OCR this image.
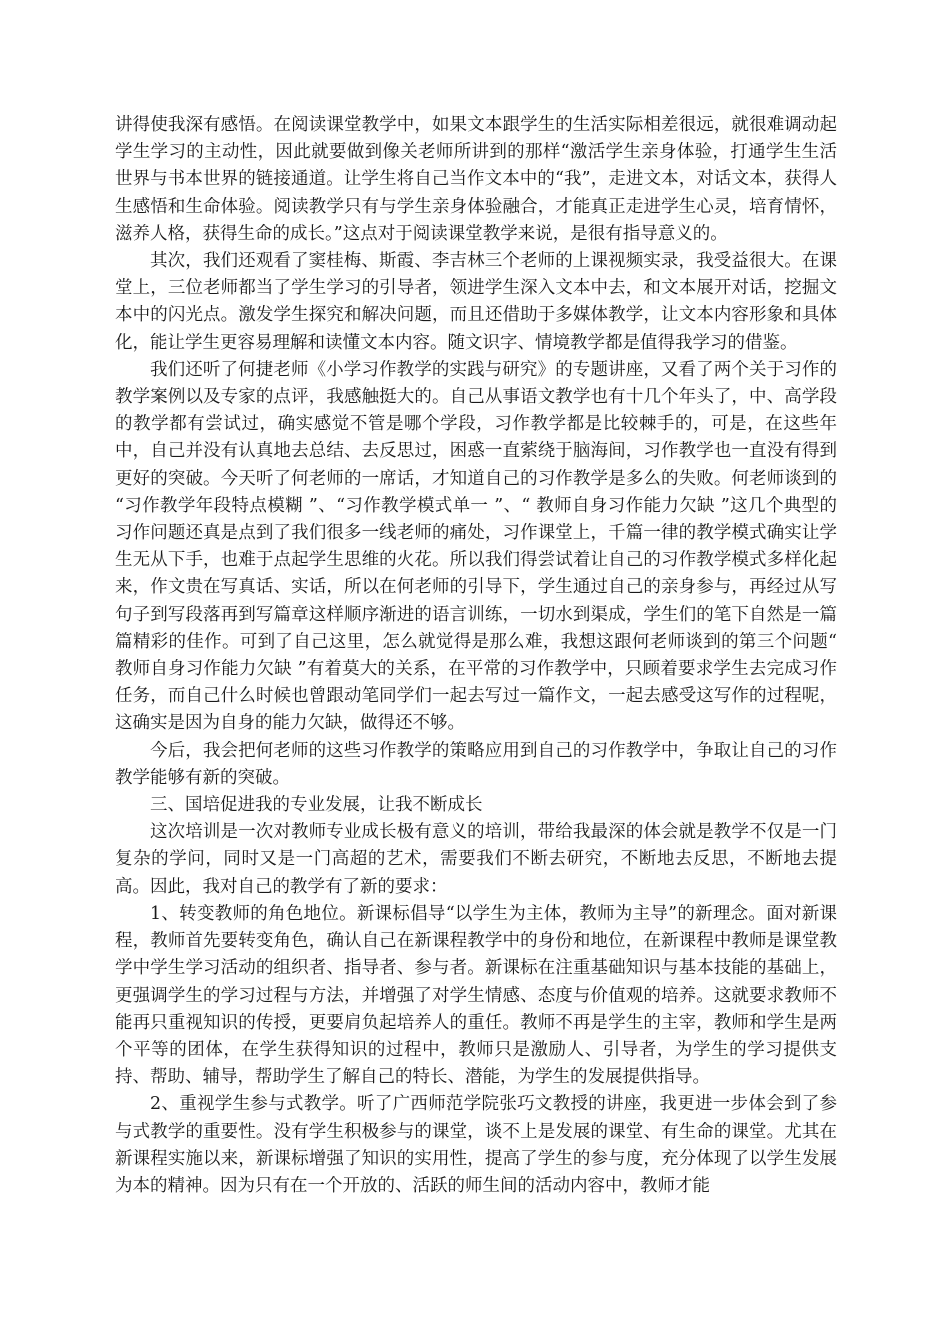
讲得使我深有感悟。在阅读课堂教学中，如果文本跟学生的生活实际相差很远，就很难调动起学生学习的主动性，因此就要做到像关老师所讲到的那样“激活学生亲身体验，打通学生生活世界与书本世界的链接通道。让学生将自己当作文本中的“我”，走进文本，对话文本，获得人生感悟和生命体验。阅读教学只有与学生亲身体验融合，才能真正走进学生心灵，培育情怀，滋养人格，获得生命的成长。”这点对于阅读课堂教学来说，是很有指导意义的。

其次，我们还观看了窦桂梅、斯霞、李吉林三个老师的上课视频实录，我受益很大。在课堂上，三位老师都当了学生学习的引导者，领进学生深入文本中去，和文本展开对话，挖掘文本中的闪光点。激发学生探究和解决问题，而且还借助于多媒体教学，让文本内容形象和具体化，能让学生更容易理解和读懂文本内容。随文识字、情境教学都是值得我学习的借鉴。

我们还听了何捷老师《小学习作教学的实践与研究》的专题讲座，又看了两个关于习作的教学案例以及专家的点评，我感触挺大的。自己从事语文教学也有十几个年头了，中、高学段的教学都有尝试过，确实感觉不管是哪个学段，习作教学都是比较棘手的，可是，在这些年中，自己并没有认真地去总结、去反思过，困惑一直萦绕于脑海间，习作教学也一直没有得到更好的突破。今天听了何老师的一席话，才知道自己的习作教学是多么的失败。何老师谈到的 “习作教学年段特点模糊 ”、“习作教学模式单一 ”、“ 教师自身习作能力欠缺 ”这几个典型的习作问题还真是点到了我们很多一线老师的痛处，习作课堂上，千篇一律的教学模式确实让学生无从下手，也难于点起学生思维的火花。所以我们得尝试着让自己的习作教学模式多样化起来，作文贵在写真话、实话，所以在何老师的引导下，学生通过自己的亲身参与，再经过从写句子到写段落再到写篇章这样顺序渐进的语言训练，一切水到渠成，学生们的笔下自然是一篇篇精彩的佳作。可到了自己这里，怎么就觉得是那么难，我想这跟何老师谈到的第三个问题“ 教师自身习作能力欠缺 ”有着莫大的关系，在平常的习作教学中，只顾着要求学生去完成习作任务，而自己什么时候也曾跟动笔同学们一起去写过一篇作文，一起去感受这写作的过程呢，这确实是因为自身的能力欠缺，做得还不够。

今后，我会把何老师的这些习作教学的策略应用到自己的习作教学中，争取让自己的习作教学能够有新的突破。

三、国培促进我的专业发展，让我不断成长

这次培训是一次对教师专业成长极有意义的培训，带给我最深的体会就是教学不仅是一门复杂的学问，同时又是一门高超的艺术，需要我们不断去研究，不断地去反思，不断地去提高。因此，我对自己的教学有了新的要求：

1、转变教师的角色地位。新课标倡导“以学生为主体，教师为主导”的新理念。面对新课程，教师首先要转变角色，确认自己在新课程教学中的身份和地位，在新课程中教师是课堂教学中学生学习活动的组织者、指导者、参与者。新课标在注重基础知识与基本技能的基础上，更强调学生的学习过程与方法，并增强了对学生情感、态度与价值观的培养。这就要求教师不能再只重视知识的传授，更要肩负起培养人的重任。教师不再是学生的主宰，教师和学生是两个平等的团体，在学生获得知识的过程中，教师只是激励人、引导者，为学生的学习提供支持、帮助、辅导，帮助学生了解自己的特长、潜能，为学生的发展提供指导。

2、重视学生参与式教学。听了广西师范学院张巧文教授的讲座，我更进一步体会到了参与式教学的重要性。没有学生积极参与的课堂，谈不上是发展的课堂、有生命的课堂。尤其在新课程实施以来，新课标增强了知识的实用性，提高了学生的参与度，充分体现了以学生发展为本的精神。因为只有在一个开放的、活跃的师生间的活动内容中，教师才能
